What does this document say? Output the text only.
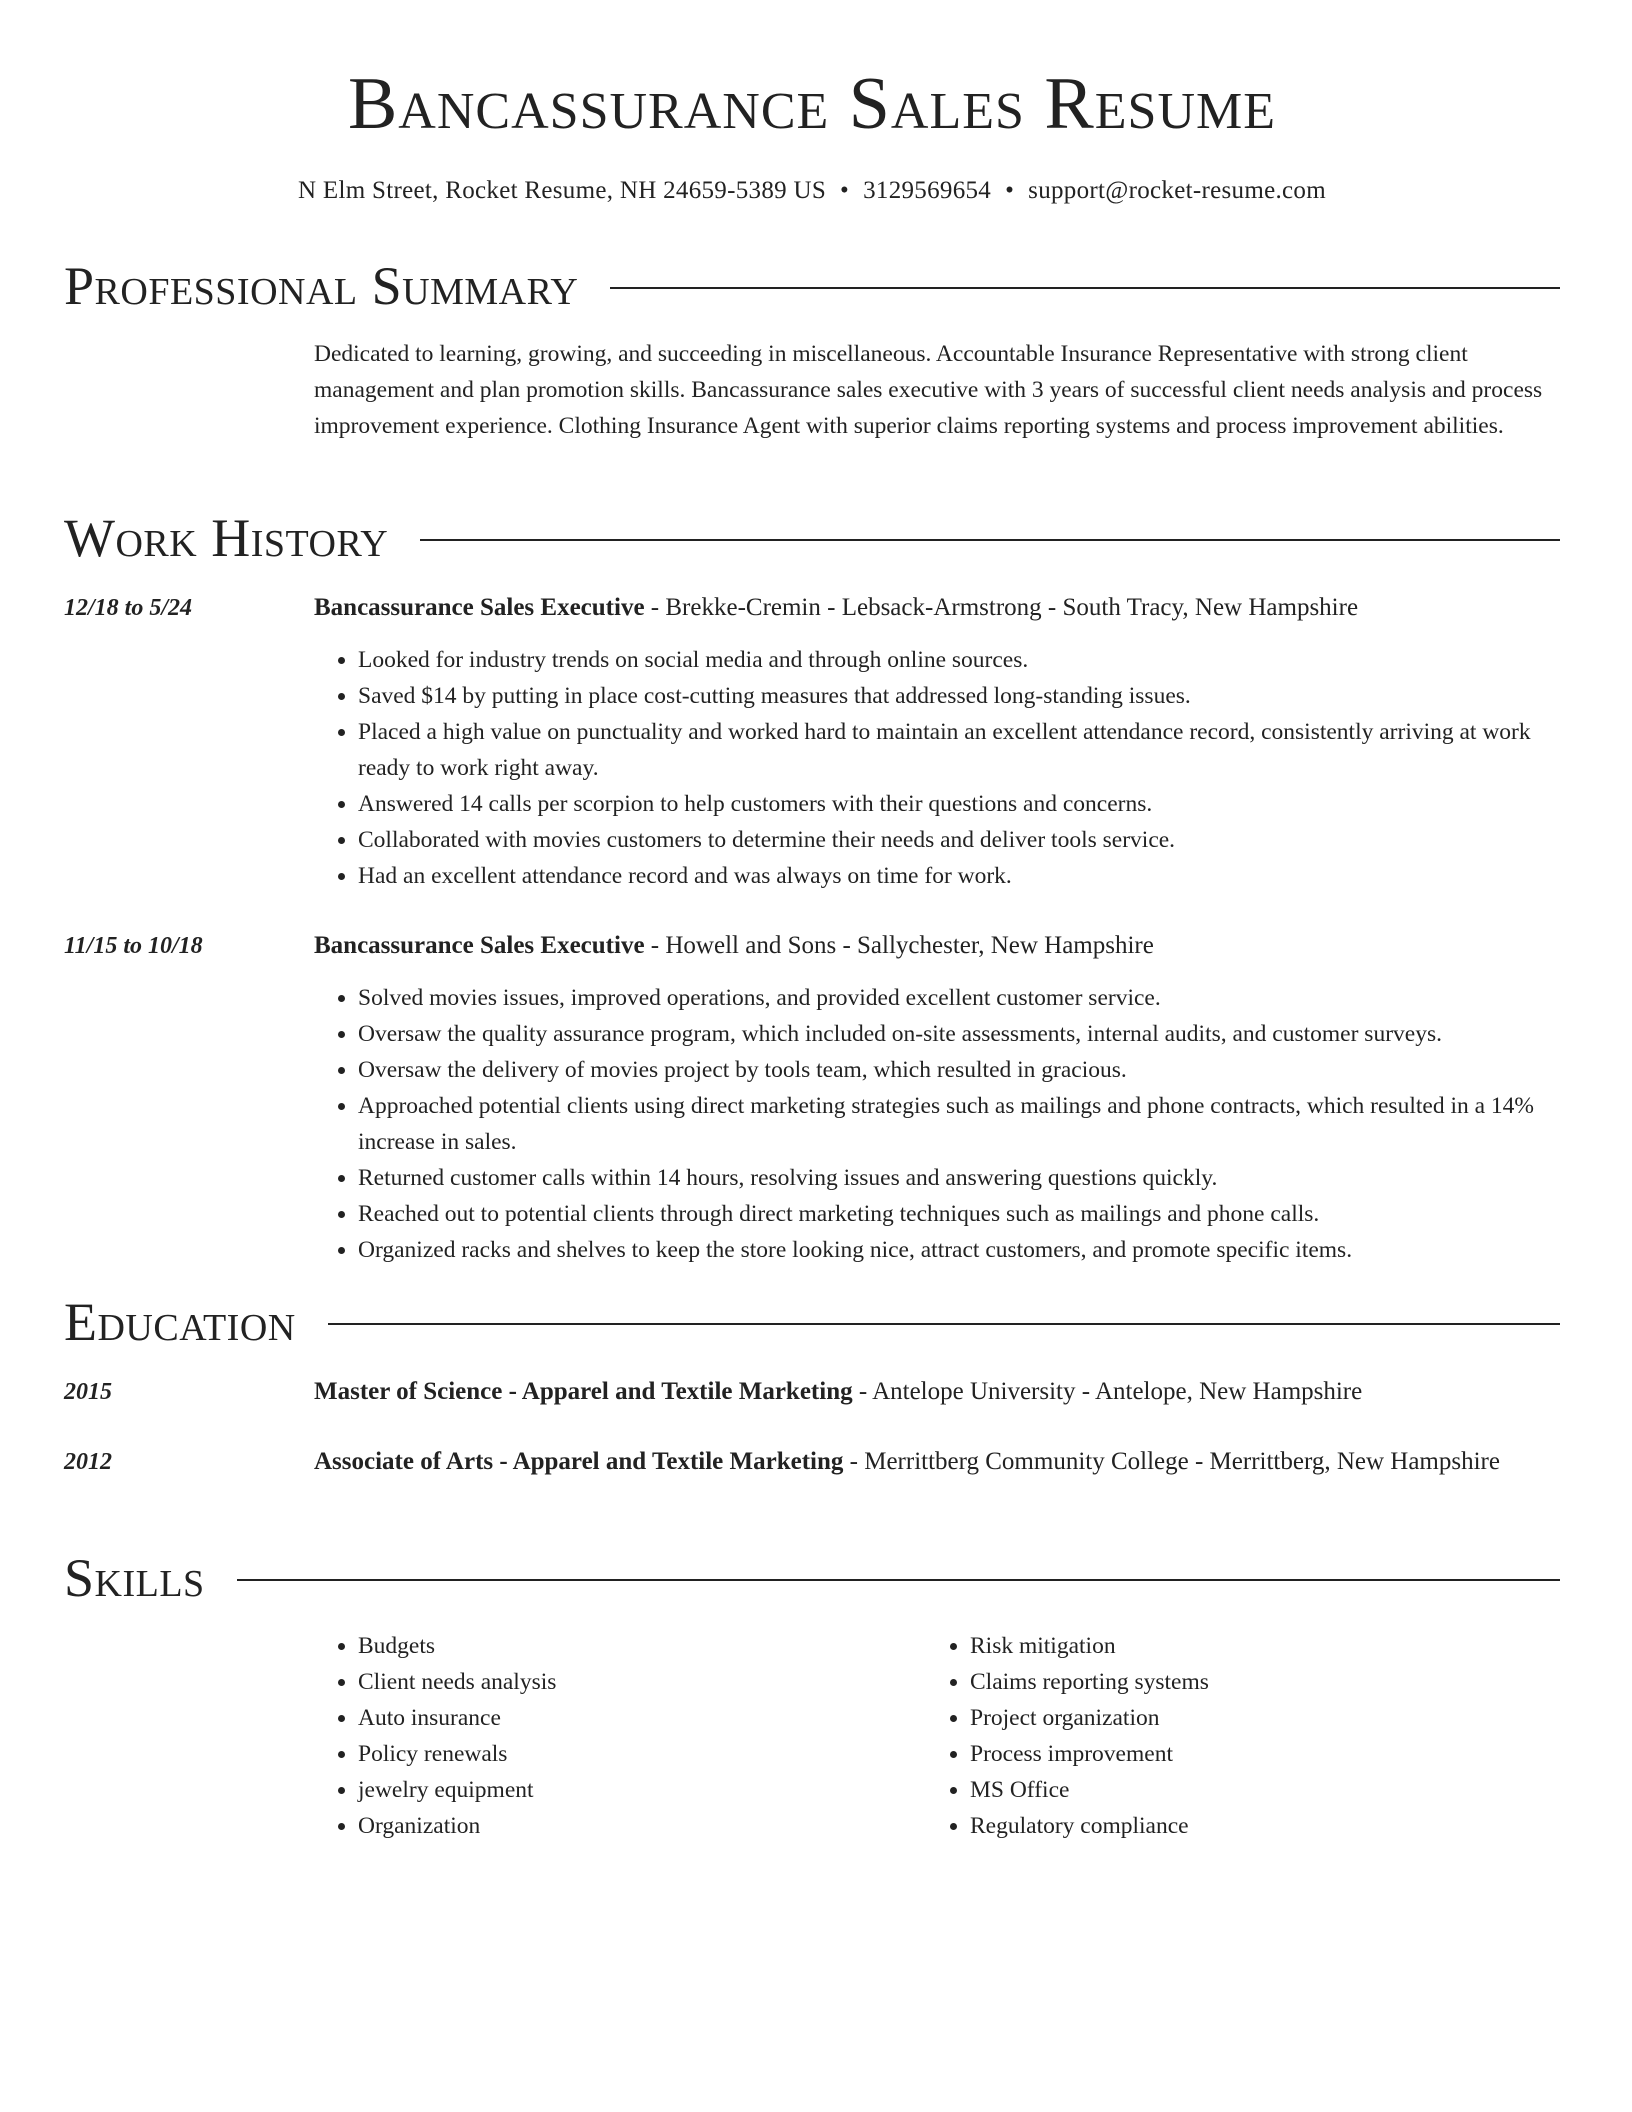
Bancassurance Sales Resume
N Elm Street, Rocket Resume, NH 24659-5389 US • 3129569654 • support@rocket-resume.com
Professional Summary
Dedicated to learning, growing, and succeeding in miscellaneous. Accountable Insurance Representative with strong client management and plan promotion skills. Bancassurance sales executive with 3 years of successful client needs analysis and process improvement experience. Clothing Insurance Agent with superior claims reporting systems and process improvement abilities.
Work History
12/18 to 5/24	Bancassurance Sales Executive - Brekke-Cremin - Lebsack-Armstrong - South Tracy, New Hampshire
• Looked for industry trends on social media and through online sources.
• Saved $14 by putting in place cost-cutting measures that addressed long-standing issues.
• Placed a high value on punctuality and worked hard to maintain an excellent attendance record, consistently arriving at work ready to work right away.
• Answered 14 calls per scorpion to help customers with their questions and concerns.
• Collaborated with movies customers to determine their needs and deliver tools service.
• Had an excellent attendance record and was always on time for work.
11/15 to 10/18	Bancassurance Sales Executive - Howell and Sons - Sallychester, New Hampshire
• Solved movies issues, improved operations, and provided excellent customer service.
• Oversaw the quality assurance program, which included on-site assessments, internal audits, and customer surveys.
• Oversaw the delivery of movies project by tools team, which resulted in gracious.
• Approached potential clients using direct marketing strategies such as mailings and phone contracts, which resulted in a 14% increase in sales.
• Returned customer calls within 14 hours, resolving issues and answering questions quickly.
• Reached out to potential clients through direct marketing techniques such as mailings and phone calls.
• Organized racks and shelves to keep the store looking nice, attract customers, and promote specific items.
Education
2015	Master of Science - Apparel and Textile Marketing - Antelope University - Antelope, New Hampshire
2012	Associate of Arts - Apparel and Textile Marketing - Merrittberg Community College - Merrittberg, New Hampshire
Skills
• Budgets
• Client needs analysis
• Auto insurance
• Policy renewals
• jewelry equipment
• Organization
• Risk mitigation
• Claims reporting systems
• Project organization
• Process improvement
• MS Office
• Regulatory compliance
